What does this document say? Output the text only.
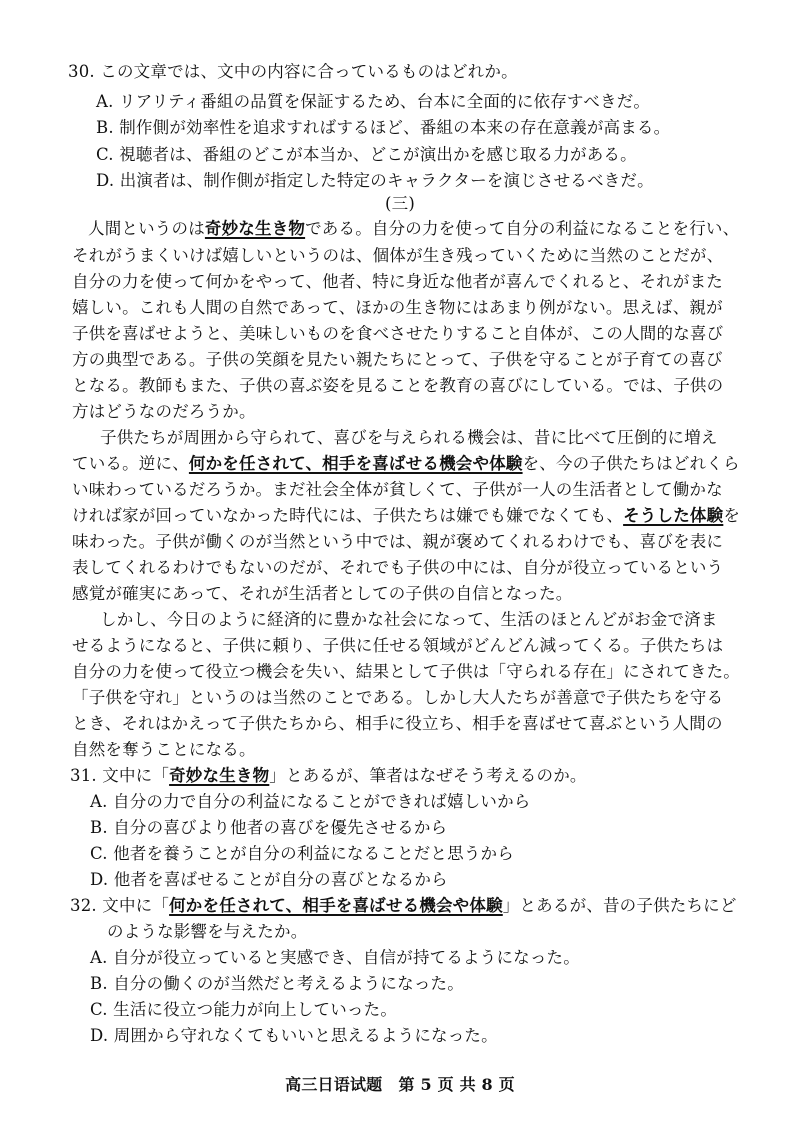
30. この文章では、文中の内容に合っているものはどれか。
A. リアリティ番組の品質を保証するため、台本に全面的に依存すべきだ。
B. 制作側が効率性を追求すればするほど、番組の本来の存在意義が高まる。
C. 視聴者は、番組のどこが本当か、どこが演出かを感じ取る力がある。
D. 出演者は、制作側が指定した特定のキャラクターを演じさせるべきだ。
(三)
人間というのは奇妙な生き物である。自分の力を使って自分の利益になることを行い、
それがうまくいけば嬉しいというのは、個体が生き残っていくために当然のことだが、
自分の力を使って何かをやって、他者、特に身近な他者が喜んでくれると、それがまた
嬉しい。これも人間の自然であって、ほかの生き物にはあまり例がない。思えば、親が
子供を喜ばせようと、美味しいものを食べさせたりすること自体が、この人間的な喜び
方の典型である。子供の笑顔を見たい親たちにとって、子供を守ることが子育ての喜び
となる。教師もまた、子供の喜ぶ姿を見ることを教育の喜びにしている。では、子供の
方はどうなのだろうか。
子供たちが周囲から守られて、喜びを与えられる機会は、昔に比べて圧倒的に増え
ている。逆に、何かを任されて、相手を喜ばせる機会や体験を、今の子供たちはどれくら
い味わっているだろうか。まだ社会全体が貧しくて、子供が一人の生活者として働かな
ければ家が回っていなかった時代には、子供たちは嫌でも嫌でなくても、そうした体験を
味わった。子供が働くのが当然という中では、親が褒めてくれるわけでも、喜びを表に
表してくれるわけでもないのだが、それでも子供の中には、自分が役立っているという
感覚が確実にあって、それが生活者としての子供の自信となった。
しかし、今日のように経済的に豊かな社会になって、生活のほとんどがお金で済ま
せるようになると、子供に頼り、子供に任せる領域がどんどん減ってくる。子供たちは
自分の力を使って役立つ機会を失い、結果として子供は「守られる存在」にされてきた。
「子供を守れ」というのは当然のことである。しかし大人たちが善意で子供たちを守る
とき、それはかえって子供たちから、相手に役立ち、相手を喜ばせて喜ぶという人間の
自然を奪うことになる。
31. 文中に「奇妙な生き物」とあるが、筆者はなぜそう考えるのか。
A. 自分の力で自分の利益になることができれば嬉しいから
B. 自分の喜びより他者の喜びを優先させるから
C. 他者を養うことが自分の利益になることだと思うから
D. 他者を喜ばせることが自分の喜びとなるから
32. 文中に「何かを任されて、相手を喜ばせる機会や体験」とあるが、昔の子供たちにど
のような影響を与えたか。
A. 自分が役立っていると実感でき、自信が持てるようになった。
B. 自分の働くのが当然だと考えるようになった。
C. 生活に役立つ能力が向上していった。
D. 周囲から守れなくてもいいと思えるようになった。
高三日语试题　第 5 页 共 8 页
